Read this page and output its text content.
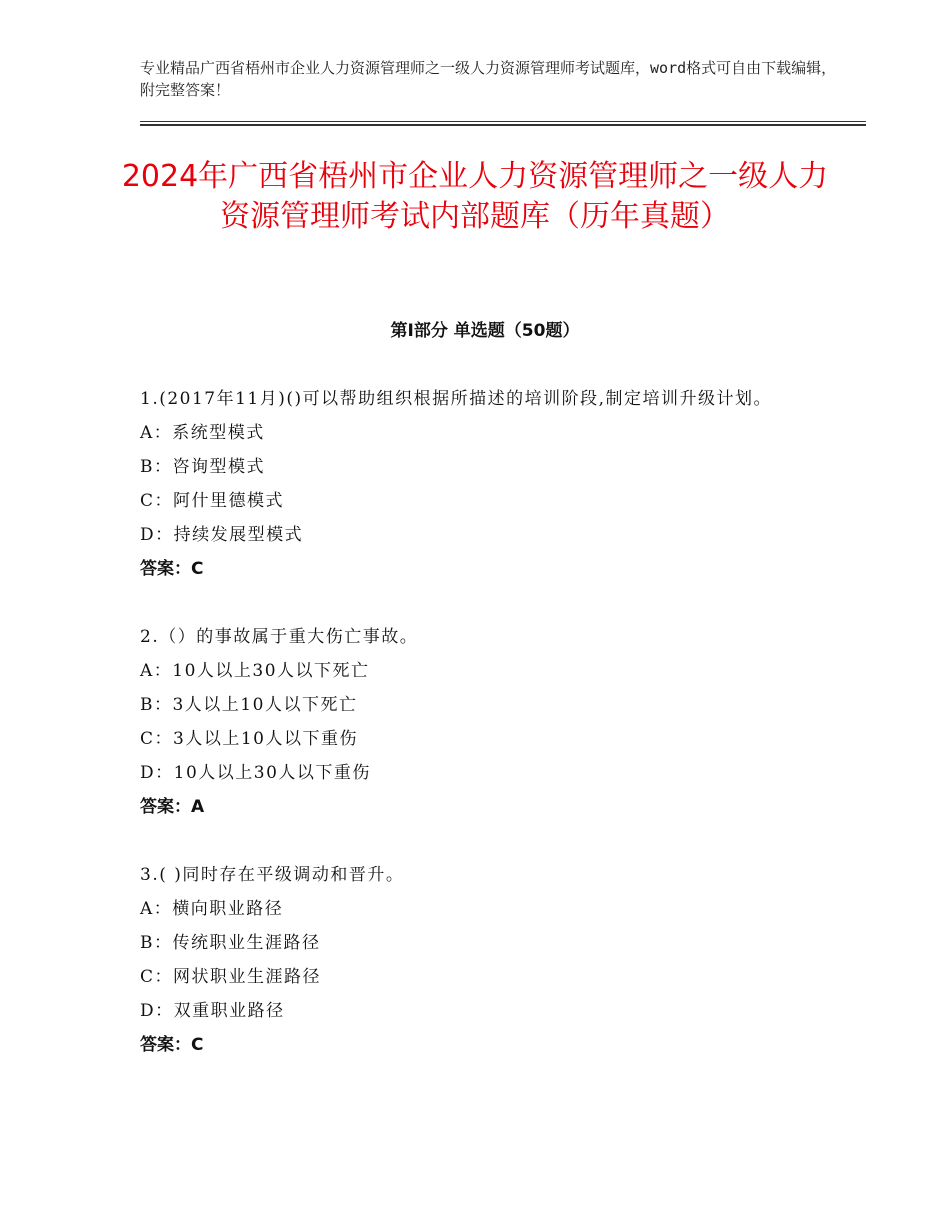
专业精品广西省梧州市企业人力资源管理师之一级人力资源管理师考试题库，word格式可自由下载编辑，附完整答案！
2024年广西省梧州市企业人力资源管理师之一级人力资源管理师考试内部题库（历年真题）
第Ⅰ部分 单选题（50题）
1.(2017年11月)()可以帮助组织根据所描述的培训阶段,制定培训升级计划。
A：系统型模式
B：咨询型模式
C：阿什里德模式
D：持续发展型模式
答案：C
2.（）的事故属于重大伤亡事故。
A：10人以上30人以下死亡
B：3人以上10人以下死亡
C：3人以上10人以下重伤
D：10人以上30人以下重伤
答案：A
3.( )同时存在平级调动和晋升。
A：横向职业路径
B：传统职业生涯路径
C：网状职业生涯路径
D：双重职业路径
答案：C
